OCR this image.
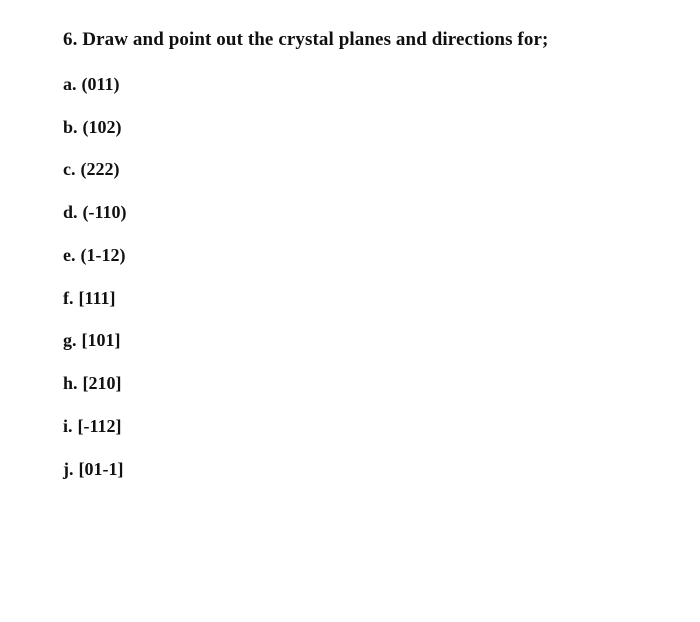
6. Draw and point out the crystal planes and directions for;
a. (011)
b. (102)
c. (222)
d. (-110)
e. (1-12)
f. [111]
g. [101]
h. [210]
i. [-112]
j. [01-1]
